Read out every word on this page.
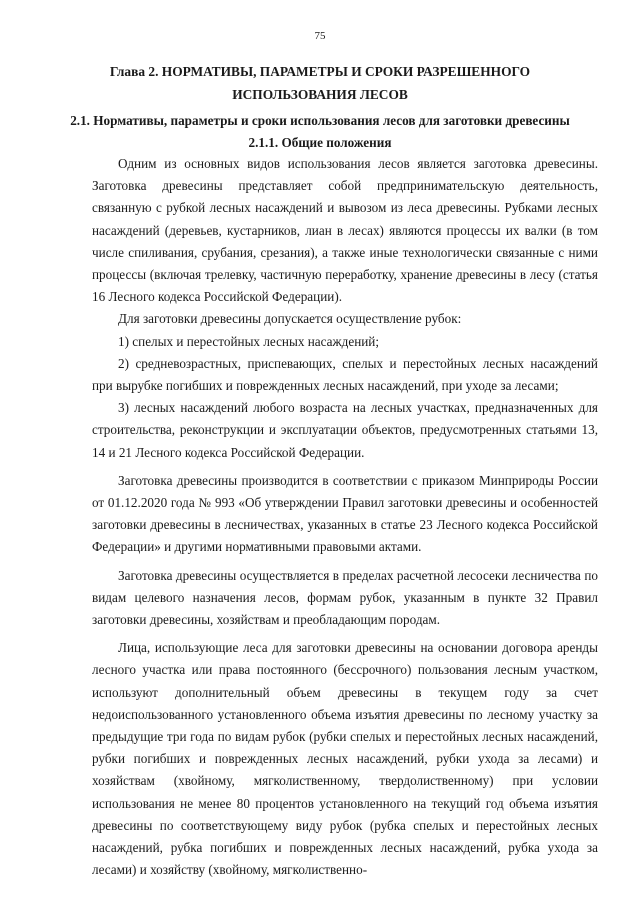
75
Глава 2. НОРМАТИВЫ, ПАРАМЕТРЫ И СРОКИ РАЗРЕШЕННОГО ИСПОЛЬЗОВАНИЯ ЛЕСОВ
2.1. Нормативы, параметры и сроки использования лесов для заготовки древесины
2.1.1. Общие положения

Одним из основных видов использования лесов является заготовка древесины. Заготовка древесины представляет собой предпринимательскую деятельность, связанную с рубкой лесных насаждений и вывозом из леса древесины. Рубками лесных насаждений (деревьев, кустарников, лиан в лесах) являются процессы их валки (в том числе спиливания, срубания, срезания), а также иные технологически связанные с ними процессы (включая трелевку, частичную переработку, хранение древесины в лесу (статья 16 Лесного кодекса Российской Федерации).

Для заготовки древесины допускается осуществление рубок:

1) спелых и перестойных лесных насаждений;

2) средневозрастных, приспевающих, спелых и перестойных лесных насаждений при вырубке погибших и поврежденных лесных насаждений, при уходе за лесами;

3) лесных насаждений любого возраста на лесных участках, предназначенных для строительства, реконструкции и эксплуатации объектов, предусмотренных статьями 13, 14 и 21 Лесного кодекса Российской Федерации.

Заготовка древесины производится в соответствии с приказом Минприроды России от 01.12.2020 года № 993 «Об утверждении Правил заготовки древесины и особенностей заготовки древесины в лесничествах, указанных в статье 23 Лесного кодекса Российской Федерации» и другими нормативными правовыми актами.

Заготовка древесины осуществляется в пределах расчетной лесосеки лесничества по видам целевого назначения лесов, формам рубок, указанным в пункте 32 Правил заготовки древесины, хозяйствам и преобладающим породам.

Лица, использующие леса для заготовки древесины на основании договора аренды лесного участка или права постоянного (бессрочного) пользования лесным участком, используют дополнительный объем древесины в текущем году за счет недоиспользованного установленного объема изъятия древесины по лесному участку за предыдущие три года по видам рубок (рубки спелых и перестойных лесных насаждений, рубки погибших и поврежденных лесных насаждений, рубки ухода за лесами) и хозяйствам (хвойному, мягколиственному, твердолиственному) при условии использования не менее 80 процентов установленного на текущий год объема изъятия древесины по соответствующему виду рубок (рубка спелых и перестойных лесных насаждений, рубка погибших и поврежденных лесных насаждений, рубка ухода за лесами) и хозяйству (хвойному, мягколиственно-
